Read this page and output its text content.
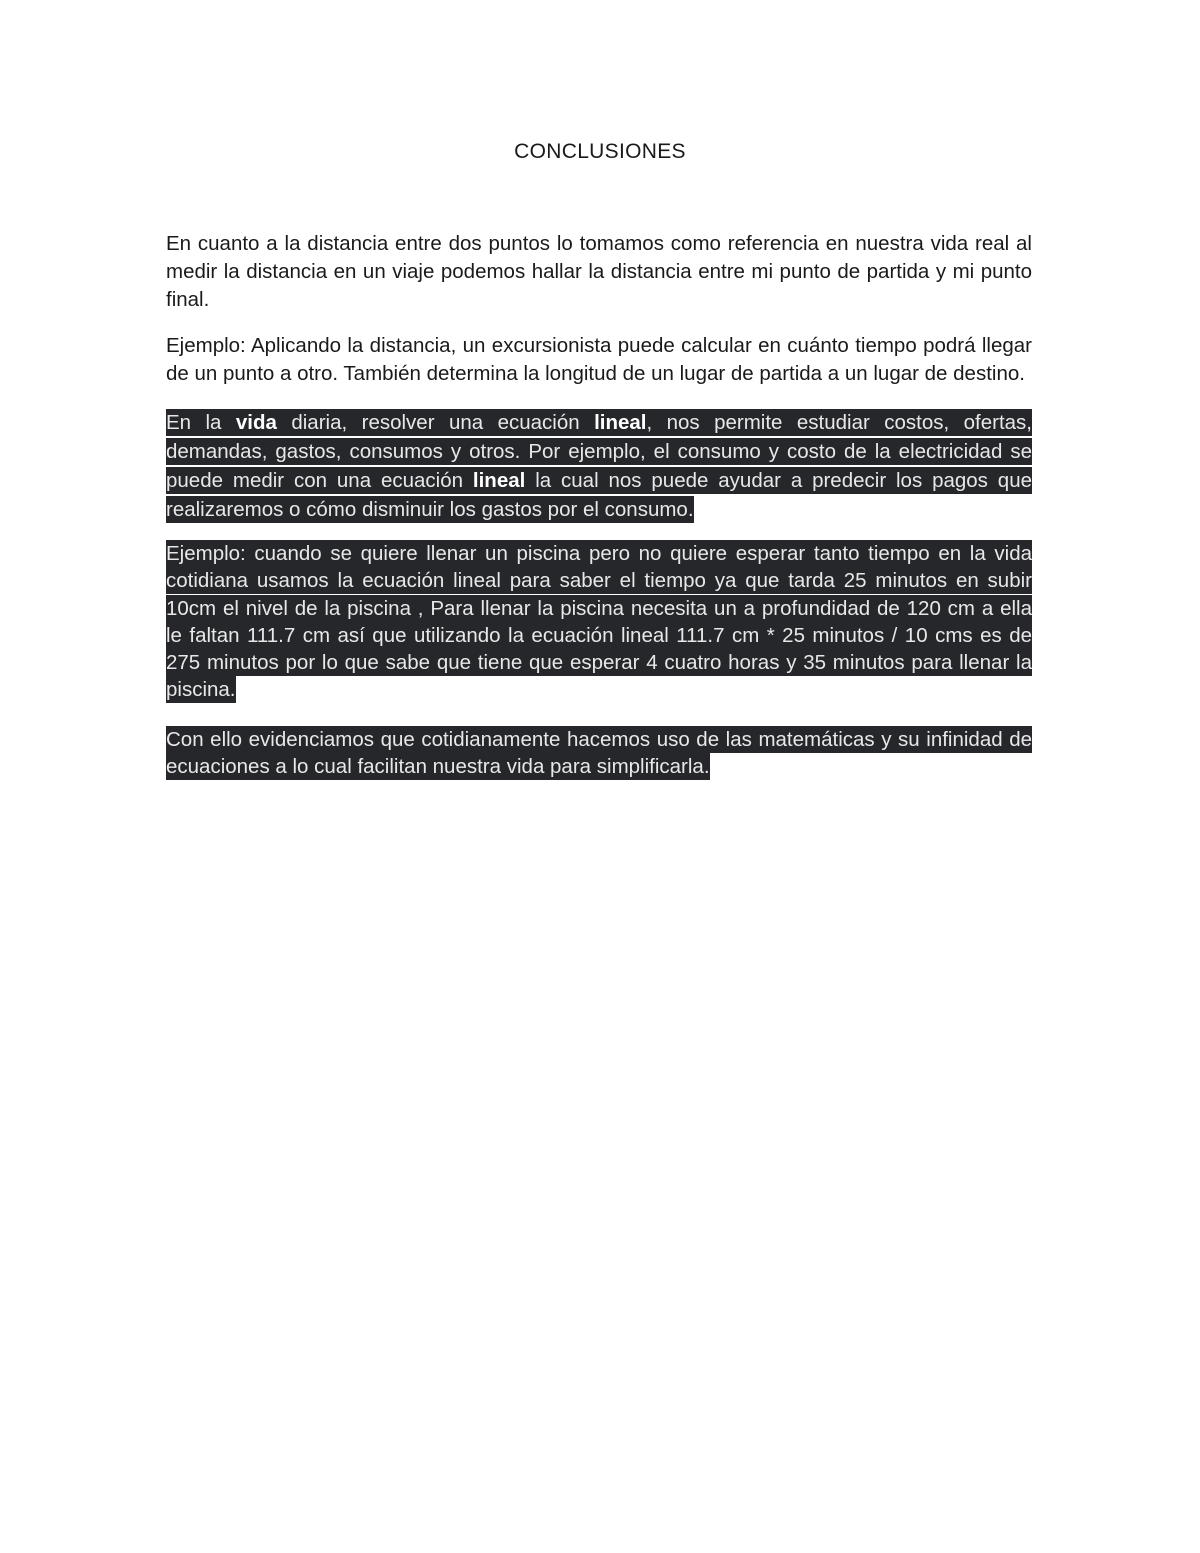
CONCLUSIONES

En cuanto a la distancia entre dos puntos lo tomamos como referencia en nuestra vida real al medir la distancia en un viaje podemos hallar la distancia entre mi punto de partida y mi punto final.

Ejemplo: Aplicando la distancia, un excursionista puede calcular en cuánto tiempo podrá llegar de un punto a otro. También determina la longitud de un lugar de partida a un lugar de destino.

En la vida diaria, resolver una ecuación lineal, nos permite estudiar costos, ofertas, demandas, gastos, consumos y otros. Por ejemplo, el consumo y costo de la electricidad se puede medir con una ecuación lineal la cual nos puede ayudar a predecir los pagos que realizaremos o cómo disminuir los gastos por el consumo.

Ejemplo: cuando se quiere llenar un piscina pero no quiere esperar tanto tiempo en la vida cotidiana usamos la ecuación lineal para saber el tiempo ya que tarda 25 minutos en subir 10cm el nivel de la piscina , Para llenar la piscina necesita un a profundidad de 120 cm a ella le faltan 111.7 cm así que utilizando la ecuación lineal 111.7 cm * 25 minutos / 10 cms es de 275 minutos por lo que sabe que tiene que esperar 4 cuatro horas y 35 minutos para llenar la piscina.

Con ello evidenciamos que cotidianamente hacemos uso de las matemáticas y su infinidad de ecuaciones a lo cual facilitan nuestra vida para simplificarla.
